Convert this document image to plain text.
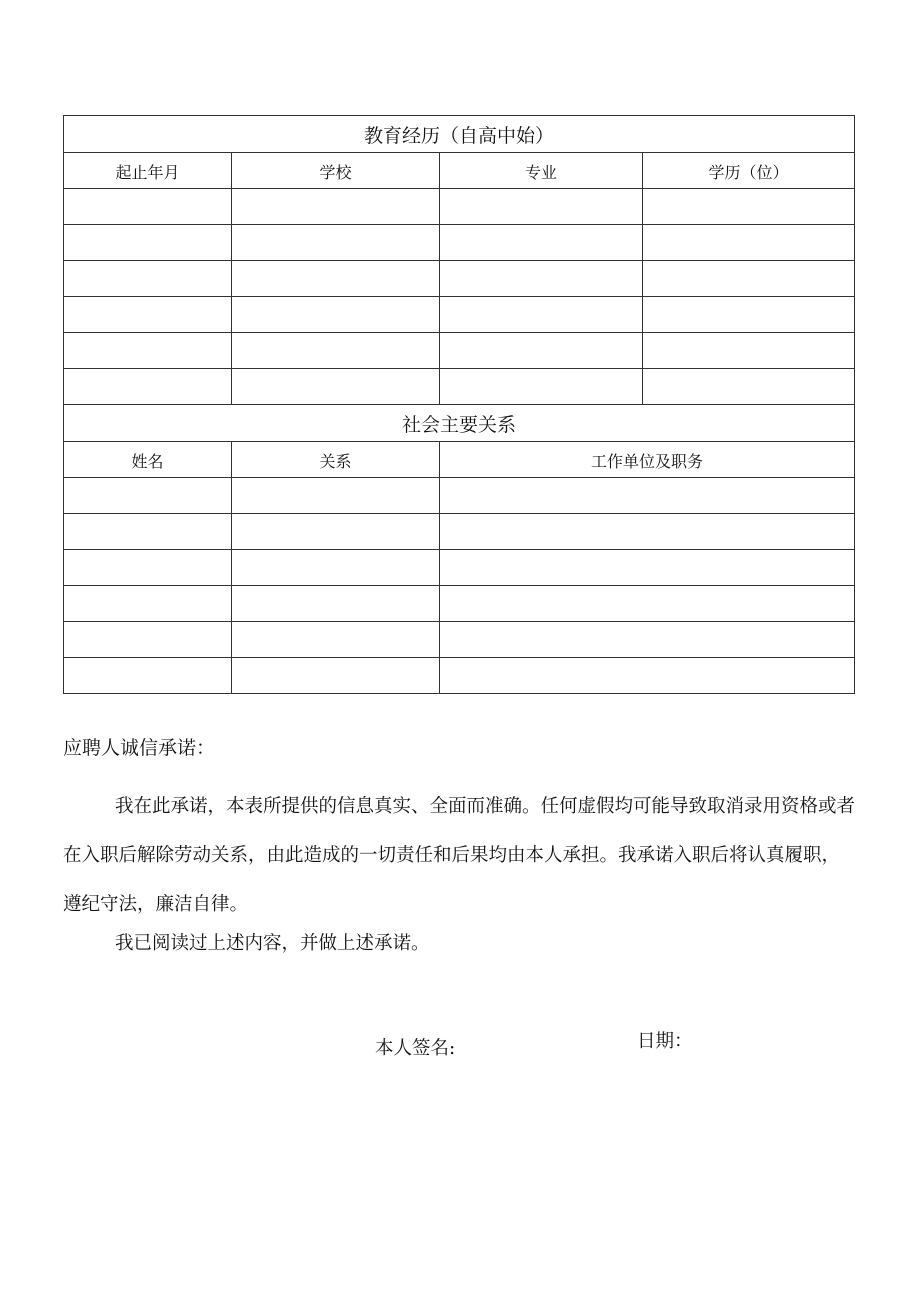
教育经历（自高中始）			
起止年月	学校	专业	学历（位）

社会主要关系			
姓名	关系	工作单位及职务	

应聘人诚信承诺：

我在此承诺，本表所提供的信息真实、全面而准确。任何虚假均可能导致取消录用资格或者在入职后解除劳动关系，由此造成的一切责任和后果均由本人承担。我承诺入职后将认真履职，遵纪守法，廉洁自律。

我已阅读过上述内容，并做上述承诺。

本人签名:	日期：
